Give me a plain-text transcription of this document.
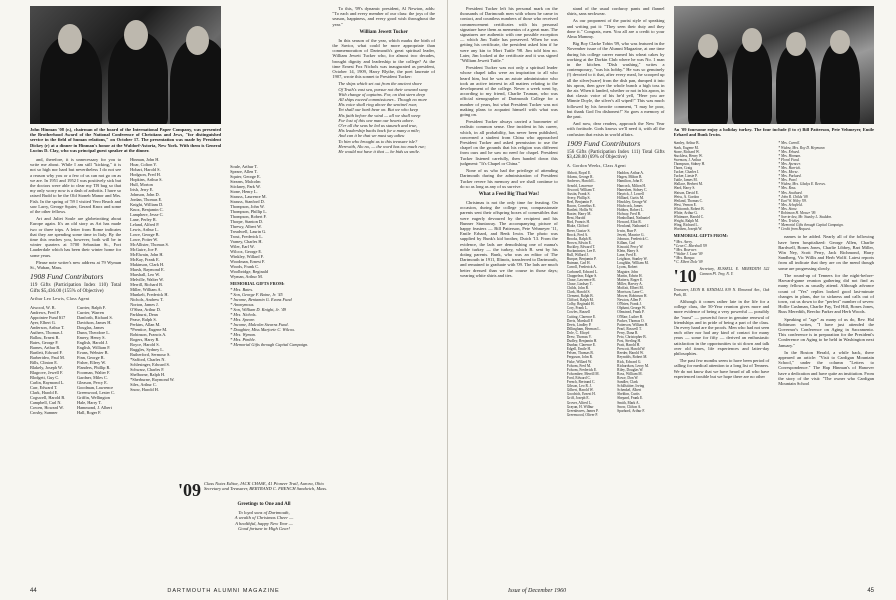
John Hinman '08 (r.), chairman of the board of the International Paper Company, was presented the Brotherhood Award of the National Conference of Christians and Jews, "for distinguished service in the field of human relations," on October 17. The presentation was made by President Dickey (r) at a dinner in Hinman's honor at the Waldorf-Astoria, New York. With them is General Lucius D. Clay, who was principal guest speaker at the dinner.

and, therefore, it is unnecessary for you to write me about. While I am still "kicking," it is not so high nor hard but nevertheless I do not see a reason why you or a few of us can not go on as we are. In 1951 and 1952 I was positively sick but the doctors were able to clear my TB bug so that my only worry now is a dash of arthritis. I have so raised Budd to be the Old Stoneb Manor and Mrs. Fish. In the spring of '59 I visited Vero Beach and saw Larry, George Squier, Gerard Knox and some of the other fellows.

Art and Juliet Soule are globetrotting about Europe again. It's an old story as Art has made two or three trips. A letter from Rome indicates that they are spending some time in Italy. By the time this reaches you, however, both will be in winter quarters at 5700 Sebastian St., Fort Lauderdale which has been their winter home for some years.

Please note writer's new address at 79 Wyman St., Waban, Mass.

1908 Fund Contributors
119 Gifts (Participation Index 110) Total Gifts $5,436.00 (155% of Objective)
Arthur Leo Lewis, Class Agent
Atwood, W. R.
Andrews, Fred F.
Appointee Fund $17
Ayer, Elbert G.
Anderson, Arthur T.
Authers, Thomas J.
Ballou, Ernest R.
Bates, George F.
Barnes, Arthur R.
Bartlett, Edward F.
Barberideo, Paul M.
Bills, Clinton E.
Blakely, Joseph W.
Blagrove, Jewell F.
Blodgett, Guy C.
Carlin, Raymond L.
Carr, Edward T.
Clark, Harold E.
Cogswell, Harold B.
Campbell, Carl N.
Cowen, Howard W.
Crosby, Sumner
Currier, Ralph F.
Currier, Warren
Danforth, Richard S.
Davidson, James H.
Douglas, James
Dunn, Theodore L.
Emery, Henry S.
English, Harold J.
English, William F.
Evans, Webster B.
Finn, George R.
Fisher, Ellery W.
Flanders, Phillip R.
Foorman, Walter F.
Gardner, Miles C.
Gleason, Percy E.
Goodman, Lawrence
Greenwood, Lester C.
Griffin, Wellington
Hale, Harry T.
Hammond, J. Albert
Hall, Roger F.
Hinman, John H.
Hoar, Colton Y.
Hobart, Harold S.
Hodgson, Fred H.
Hopkins, Arthur S.
Hull, Morton
Irish, Jerry E.
Johnson, John D.
Jordan, Thomas E.
Knight, William D.
Knox, Benjamin C.
Lamphere, Jesse C.
Lane, Perley R.
Leland, Alfred P.
Lewis, Arthur L.
Lowe, George B.
Lowe, Potter W.
McAllister, Thomas S.
McGuire, Joe P.
McElwain, John H.
McKay, Frank E.
Makinson, Clark H.
Marsh, Raymond E.
Marshall, Leo W.
Melville, Walter W.
Merrill, Richard B.
Miller, William A.
Munkelt, Frederick H.
Nichols, Andrew T.
Norton, James J.
O'Shea, Arthur D.
Parkhurst, Dean
Pease, Ralph S.
Perkins, Allan M.
*Prentice, Eugene M.
Robinson, Francis A.
Rogers, Harry R.
Royce, Harold S.
Ruggles, Sydney L.
Rutherford, Sermour S.
*Safford, Charles N.
Schlesinger, Edward S.
Schwarz, Charles F.
Shelborne, Ralph H.
*Sherburne, Raymond W.
Siles, Arthur C.
Snow, Harold H.
Soule, Arthur T.
Speare, Allen T.
Squier, George E.
Stearns, Malcolm
Stickney, Park W.
Stone, Henry L.
Strauss, Laurence M.
Strauss, Stanford D.
Thompson, John W.
Thompson, Phillip L.
Thompson, Robert F.
Thorpe, Stanton D.
Threwy, Albert W.
Treadwell, Laurin G.
Trout, Frederick L.
Varney, Charles H.
Wiler, Earl W.
Wilcox, George E.
Winkley, Willard F.
Woodman, Ernest F.
Woods, Frank C.
Woolbridge, Reginald
Wyman, Arthur M.
MEMORIAL GIFTS FROM:
* Mrs. Bates.
* Son, George F. Baine, Jr. '45
* Income, Beniamin G. Evans Fund
* Anonymous.
* Son, William D. Knight, Jr. '49
* Mrs. Nichols.
* Mrs. Speare.
* Income, Malcolm Stearns Fund.
* Daughter, Miss Marjorie C. Wilcox.
* Mrs. Wyman.
* Mrs. Pimble.
* Memorial Gifts through Capital Campaign.

To this, '09's dynamic president, Al Newton, adds: "To each and every member of our class: the joys of the season, happiness, and every good wish throughout the year."

William Jewett Tucker

In this season of the year, which marks the birth of the Savior, what could be more appropriate than commemoration of Dartmouth's great spiritual leader, William Jewett Tucker who, for almost two decades, brought dignity and leadership to the college? At the time Ernest Fox Nichols was inaugurated as president, October 14, 1909, Harry Blythe, the poet laureate of 1907, wrote this sonnet to President Tucker:

The ships which set out from the ancient shore
Of Truth's vast sea, pursue not their onward sway
With change of captains. For, on that stern deep
All ships exceed commissioner... Though no more
His voice shall ring above the sentinel roar,
Yet shall our bark bear on. But we who keep
His faith before the wind — all we shall weep
For lost of this one man our hearts adore.
O'er all the seas he led us staunch and true,
His leadership backs back for a many a mile;
And can it be that we must say adieu
To him who brought us to this treasure isle?
Herewith, Alo no, — the word has too much rue;
He would not have it that — he bids us smile.
'09 Class Notes Editor, JACK CHASE, 41 Pioneer Trail, Aurora, Ohio
Secretary and Treasurer, BERTRAND C. FRENCH Sandwich, Mass.
Greetings to One and All
To loyal sons of Dartmouth,
A wealth of Christmas Cheer —
A healthful, happy New Year —
Good fortune in High Gear!
44	DARTMOUTH ALUMNI MAGAZINE

President Tucker left his personal mark on the thousands of Dartmouth men with whom he came in contact, and countless numbers of those who received commencement certificates with his personal signature have them as mementos of a great man. The signatures are authentic with one possible exception — which Jim Tuttle has preserved. When he was getting his certificate, the president asked him if he were any kin to Mort Tuttle '98. Jim told him no. Later, Jim looked at the certificate and it was signed "William Jewett Tuttle."

President Tucker was not only a spiritual leader whose chapel talks were an inspiration to all who heard him, but he was an astute administrator who took an active interest in all matters relating to the development of the college. Never a week went by, according to my friend, Charlie Truman, who was official stenographer of Dartmouth College for a number of years, but what President Tucker was not making plans to acquaint himself with what was going on.

President Tucker always carried a barometer of realistic common sense. One incident in his career, which, in all probability, has never been published, concerned a student from China who approached President Tucker and asked permission to use the chapel on the grounds that his religion was different from ours and he saw no need for chapel. President Tucker listened carefully, then handed down this judgment: "It's Chapel or China."

None of us who had the privilege of attending Dartmouth during the administration of President Tucker revere his memory and we shall continue to do so as long as any of us survive.

What a Feed Big Thad Was!

Christmas is not the only time for feasting. On occasion, during the college year, compassionate parents sent their offspring boxes of comestibles that were eagerly devoured by the recipient and his Bunner Stuntaway. The accompanying picture of happy feasters — Bill Patterson, Pete Vehmeyer '11, Emile Erhard, and Benk Irwin. The photo was supplied by Bunk's kid brother, Dutch '13. From the evidence, the lads are demolishing one of mama's noble turkey — the turkey, which B. sent by his doting parents. Bunk, who was an editor of The Dartmouth in 1911, Illinois, transferred to Dartmouth, and remained to graduate with '09. The lads are much better dressed than we the course in those days; wearing white shirts and ties.

stand of the usual corduroy pants and flannel shirts, sans neckwear.

As our proponent of the purist style of speaking and writing put it: "They seen their duty and they done it." Congrats, men. You all are a credit to your Alma Mammy.

Big Boy Clarke Tobin '09, who was featured in the November issue of the Alumni Magazine, at one time during his college career earned his wheat cakes by working at the Dorkin Club where he was No. 1 man in the kitchen. "Dish washing," writes a contemporary, "was his hobby." He was so genuinely (!) devoted to it that, after every meal, he scooped up all the silver[ware] from the dish pan, dumped it into his apron, then gave the whole bunch a high toss in the air. When it landed, whether or not in his apron, in that classic voice of his he'd yell, "Here you are Minnie Doyle, the silver's all wiped!" This was much followed by his favorite comment, "I may be poor, but thank God I'm dishonest!" So goes a memory of the past.

And now, dear readers, approach the New Year with fortitude. Gods knows we'll need it, with all the confusion that exists in world affairs.

1909 Fund Contributors
156 Gifts (Participation Index 111) Total Gifts $3,428.00 (69% of Objective)
A. Gordon Weeks, Class Agent
Abbott, Royal E.
Adams, George R.
Andrews, Harold L.
Arnold, Lawrence
Atwood, William T.
Austin, Frank S.
Avery, Phillip S.
Beel, Benjamin F.
Bacon, Cornelius E.
Bartlett, Hollis W.
Baxter, Harry M.
Bent, Harold
Bird, Francis H.
Blake, Clifford
Breer, Gustav S.
Brock, Fred A.
Brooks, Ralph R.
Brown, Edwin E.
Buckley, Edward T.
Buckminster, Lee E.
Bull, Willard J.
Burque, Benjamin P.
Butman, Carl H.
Carroll, Frederick A.
Carbonell, Edward L.
Chappelear, Edgar S.
Chase, Lawrence R.
Chase, Lindsay T.
Childs, John B.
Clark, Harold S.
Clement, Ralph B.
Clifford, Ralph M.
Colby, Reginald H.
Cory, Frank L.
Cowles, Russell
Cutting, Clarence E.
Davis, Marshall F.
Deeis, Lindley P.
Dillingham, Herman L.
Dole, C. Eltoyd
Drew, Thomas V.
Dudley, Benjamin H.
Dunbar, Clarence E.
Edgell, Emile H.
Felsen, Thomas B.
Ferguson, John R.
Fiske, Willard W.
Folsom, Fred M.
Folsom, Frederick E.
Folsombee, Merrill M.
Ford, Edward C.
French, Bertrand C.
Gibson, Leo R. J.
Gilbert, Harold W.
Goodrich, Ernest H.
Griff, Joseph E.
Grover, Alfred L.
Grayan, H. Wilbur
Greenleaves, James P.
Greenwood, Oliver P.
Haddon, Arthur A.
Hagen, Milton B.
Hamilton, John E.
Hancock, Milton H.
Haneshen, Sidney C.
Hayrick, J. Lowell
Hilliard, Curtis M.
Hinckley, George W.
Hitchcock, James
Hobbes, Robert L.
Holway, Fred B.
Honholland, Nathaniel
Howard, Eliot R.
Howland, Nathaniel J.
Irwin, Burr P.
Jewett, Maurice G.
Johnson, Frederick C.
Killam, Carl
Kincaid, Percy W.
Klein, Harry S.
Lane, Fred E.
Leighton, Stanley W.
Loughlin, William M.
Lyons, Robert
Maguire, John
Martin, Edwin H.
Mattern, Roger E.
Miller, Harvey A.
Moffatt, Elbert M.
Morrison, Lane C.
Mower, Robinson H.
Newton, Allen P.
O'Brien, Frank J.
Olphant, George W.
Olmstead, Frank P.
O'Marr, Luther B.
Packer, Thomas O.
Patterson, William H.
Pearl, Roswell T.
Perry, Dana R.
Peto, Christopher B.
Post, Sterling H.
Pratt, Harold H.
Prescott, Harold W.
Reeder, Harold W.
Reynolds, Robert M.
Rick, Edward G.
Richardson, Leroy M.
Riley, Douglas W.
Ross, William M.
Rowe, Don W.
Sandler, Clark
Schillstitter, Irving
Schenkel, Albert
Sheldon, Curtis
Shepard, Frank E.
Smith, Mark A.
Snow, Clifton A.
Sparhord, Arthur F.
An '09 foursome enjoy a holiday turkey. The four include (l to r) Bill Patterson, Pete Vehmeyer, Emile Erhard and Bunk Irwin.
Stanley, Arthur B.
Stark, Eugene M.
Stone, Richard W.
Stuckless, Henry W.
Swenson, J. Arthur
Thompson, Sidney H.
Thorn, Craig
Tucker, Charles I.
Tucker, Linsie P.
Tuttle, James M.
Wallace, Herbert M.
Ward, Harry S.
Watson, David E.
Weiss, A. Gordon
Weiland, Thomas C.
West, Vernon E.
Whitcomb, Robert B.
White, Arthur G.
Whitmore, Harold C.
Wright, Ralph M.
Wing, Richard L.
Worthen, Joseph W.
MEMORIAL GIFTS FROM:
* Mrs. Avery.
* Leon C. Marshall '09
* Mrs. Boerwer.
* Walter J. Lane '09
* Mrs. Burque.
* C. Elbert Dole '09
'10 Secretary, RUSSELL E. MEREDITH 522 Cannon Pl. Troy, N. Y.
Treasurer, LEON B. KENDALL 819 N. Elmwood Ave., Oak Park, Ill.

Although it comes rather late in the life for a college class, the 50-Year reunion gives more and more evidence of being a very powerful — possibly the "most" — powerful force in genuine renewal of friendships and in pride of being a part of the class. On every hand are the proofs. Men who had not seen each other nor had any kind of contact for many years — some for fifty — derived an enthusiastic satisfaction in the opportunities to sit down and talk over old times, life experiences and latter-day philosophies.

The past few months seem to have been period of calling for medical attention to a long list of Tenners. We do not know that we have heard of all who have experienced trouble but we hope there are no other

* Mrs. Carroll.
* Widow, Mrs. Roy D. Heymann
* Mrs. Erhard.
* Mrs. Hinman.
* Floral Fund.
* Mrs. Spencer.
* Mrs. Harrick.
* Mrs. Morse.
* Mrs. Packard.
* Mrs. Pearl.
* Widow, Mrs. Gladys E. Reeves.
* Mrs. Ross.
* Mrs. Southard.
* John R. Childs '09.
* Earl W. Wiley '09.
* Mrs. Schofield.
* Mrs. Stone.
* Robinson H. Mower '09.
* Son-in-law, Mr. Stanley L. Studdon.
* Mrs. Trickey.
* Memorial Gifts through Capital Campaign.
* Credit from Bequest.

names to be added. Nearly all of the following have been hospitalized: George Allen, Charlie Bardwell, Bones Jones, Charlie Libbey, Bart Miller, Win Ney, Scott Perry, Jack Richmond, Harry Sandberg, Vic Willis and Herb Wolff. Latest reports from all indicate that they are on the mend though some are progressing slowly.

The round-up of Tenners for the night-before-Harvard-game reunion gathering did not find as many fellows as usually attend. Although advance count of "Yes" replies looked good last-minute changes in plans, due to sickness and calls out of town, cut us down to the "perfect" number of seven: Hollie Cushman, Charlie Fay, Ted Hill, Bones Jones, Russ Meredith, Beecho Parker and Herb Woods.

Speaking of "age" as many of us do, Rev. Hal Robinson writes, "I have just attended the Governor's Conference on Aging in Sacramento. This conference is in preparation for the President's Conference on Aging to be held in Washington next January."

In the Boston Herald, a while back, there appeared an article: "Visit to Cardigan Mountain School," under the column "Letters to Correspondence." The Hap Hinman's of Hanover have a dedication and have quite an institution. From the story of the visit: "The owner who Cardigan Mountain School

Issue of December 1960	45
